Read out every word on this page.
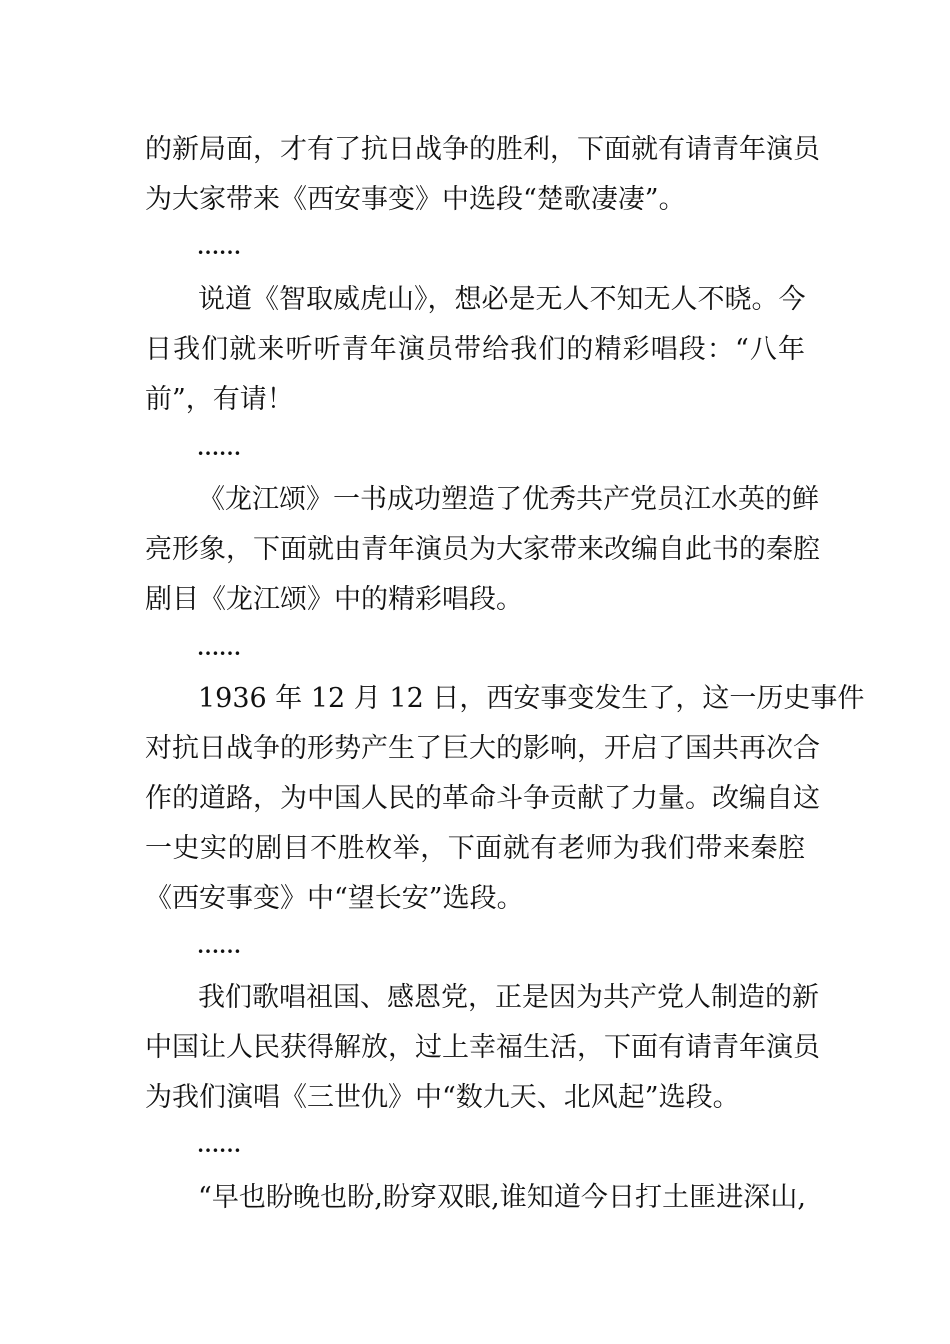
的新局面，才有了抗日战争的胜利，下面就有请青年演员
为大家带来《西安事变》中选段“楚歌凄凄”。
……
说道《智取威虎山》，想必是无人不知无人不晓。今
日我们就来听听青年演员带给我们的精彩唱段：“八年
前”，有请！
……
《龙江颂》一书成功塑造了优秀共产党员江水英的鲜
亮形象，下面就由青年演员为大家带来改编自此书的秦腔
剧目《龙江颂》中的精彩唱段。
……
1936 年 12 月 12 日，西安事变发生了，这一历史事件
对抗日战争的形势产生了巨大的影响，开启了国共再次合
作的道路，为中国人民的革命斗争贡献了力量。改编自这
一史实的剧目不胜枚举，下面就有老师为我们带来秦腔
《西安事变》中“望长安”选段。
……
我们歌唱祖国、感恩党，正是因为共产党人制造的新
中国让人民获得解放，过上幸福生活，下面有请青年演员
为我们演唱《三世仇》中“数九天、北风起”选段。
……
“早也盼晚也盼,盼穿双眼,谁知道今日打土匪进深山,
